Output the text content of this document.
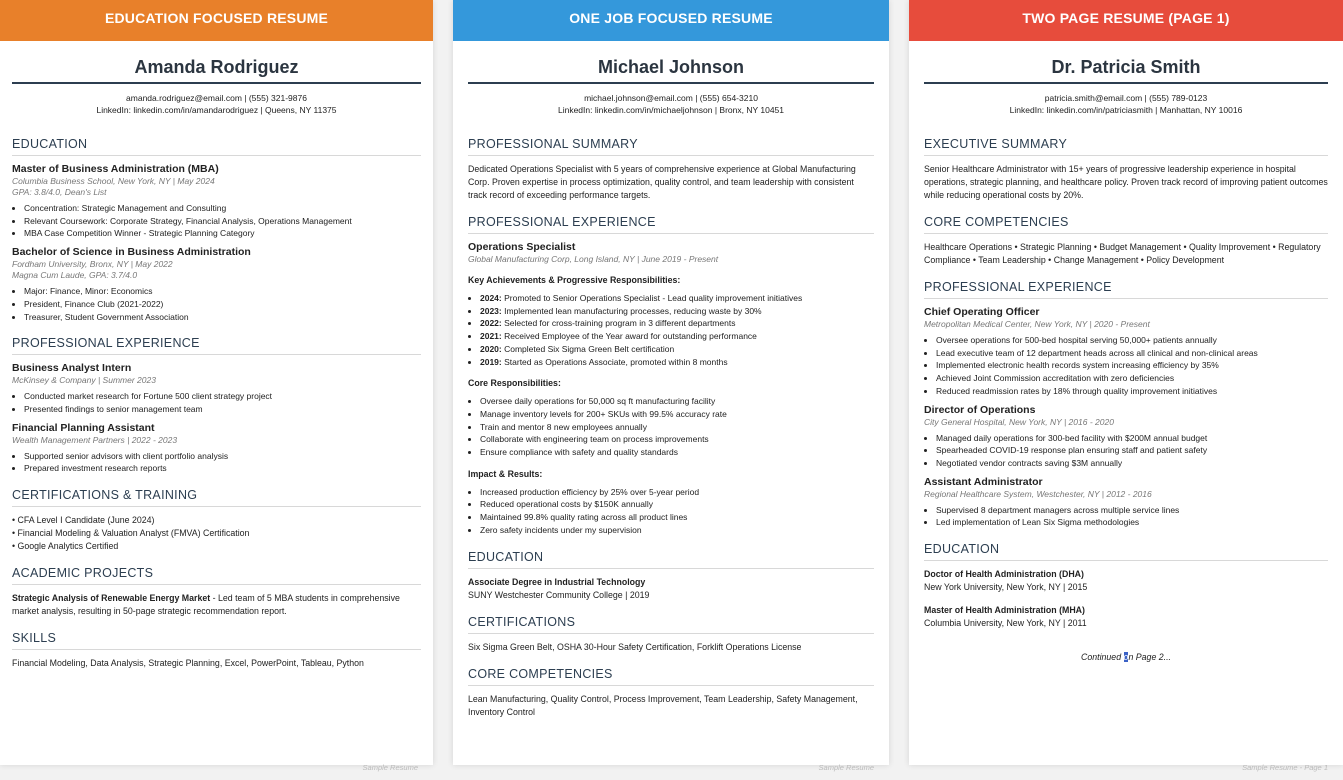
EDUCATION FOCUSED RESUME
Amanda Rodriguez
amanda.rodriguez@email.com | (555) 321-9876
LinkedIn: linkedin.com/in/amandarodriguez | Queens, NY 11375
EDUCATION
Master of Business Administration (MBA)
Columbia Business School, New York, NY | May 2024
GPA: 3.8/4.0, Dean's List
• Concentration: Strategic Management and Consulting
• Relevant Coursework: Corporate Strategy, Financial Analysis, Operations Management
• MBA Case Competition Winner - Strategic Planning Category
Bachelor of Science in Business Administration
Fordham University, Bronx, NY | May 2022
Magna Cum Laude, GPA: 3.7/4.0
• Major: Finance, Minor: Economics
• President, Finance Club (2021-2022)
• Treasurer, Student Government Association
PROFESSIONAL EXPERIENCE
Business Analyst Intern
McKinsey & Company | Summer 2023
• Conducted market research for Fortune 500 client strategy project
• Presented findings to senior management team
Financial Planning Assistant
Wealth Management Partners | 2022 - 2023
• Supported senior advisors with client portfolio analysis
• Prepared investment research reports
CERTIFICATIONS & TRAINING
• CFA Level I Candidate (June 2024)
• Financial Modeling & Valuation Analyst (FMVA) Certification
• Google Analytics Certified
ACADEMIC PROJECTS
Strategic Analysis of Renewable Energy Market - Led team of 5 MBA students in comprehensive market analysis, resulting in 50-page strategic recommendation report.
SKILLS
Financial Modeling, Data Analysis, Strategic Planning, Excel, PowerPoint, Tableau, Python
Sample Resume
ONE JOB FOCUSED RESUME
Michael Johnson
michael.johnson@email.com | (555) 654-3210
LinkedIn: linkedin.com/in/michaeljohnson | Bronx, NY 10451
PROFESSIONAL SUMMARY
Dedicated Operations Specialist with 5 years of comprehensive experience at Global Manufacturing Corp. Proven expertise in process optimization, quality control, and team leadership with consistent track record of exceeding performance targets.
PROFESSIONAL EXPERIENCE
Operations Specialist
Global Manufacturing Corp, Long Island, NY | June 2019 - Present
Key Achievements & Progressive Responsibilities:
• 2024: Promoted to Senior Operations Specialist - Lead quality improvement initiatives
• 2023: Implemented lean manufacturing processes, reducing waste by 30%
• 2022: Selected for cross-training program in 3 different departments
• 2021: Received Employee of the Year award for outstanding performance
• 2020: Completed Six Sigma Green Belt certification
• 2019: Started as Operations Associate, promoted within 8 months
Core Responsibilities:
• Oversee daily operations for 50,000 sq ft manufacturing facility
• Manage inventory levels for 200+ SKUs with 99.5% accuracy rate
• Train and mentor 8 new employees annually
• Collaborate with engineering team on process improvements
• Ensure compliance with safety and quality standards
Impact & Results:
• Increased production efficiency by 25% over 5-year period
• Reduced operational costs by $150K annually
• Maintained 99.8% quality rating across all product lines
• Zero safety incidents under my supervision
EDUCATION
Associate Degree in Industrial Technology
SUNY Westchester Community College | 2019
CERTIFICATIONS
Six Sigma Green Belt, OSHA 30-Hour Safety Certification, Forklift Operations License
CORE COMPETENCIES
Lean Manufacturing, Quality Control, Process Improvement, Team Leadership, Safety Management, Inventory Control
Sample Resume
TWO PAGE RESUME (PAGE 1)
Dr. Patricia Smith
patricia.smith@email.com | (555) 789-0123
LinkedIn: linkedin.com/in/patriciasmith | Manhattan, NY 10016
EXECUTIVE SUMMARY
Senior Healthcare Administrator with 15+ years of progressive leadership experience in hospital operations, strategic planning, and healthcare policy. Proven track record of improving patient outcomes while reducing operational costs by 20%.
CORE COMPETENCIES
Healthcare Operations • Strategic Planning • Budget Management • Quality Improvement • Regulatory Compliance • Team Leadership • Change Management • Policy Development
PROFESSIONAL EXPERIENCE
Chief Operating Officer
Metropolitan Medical Center, New York, NY | 2020 - Present
• Oversee operations for 500-bed hospital serving 50,000+ patients annually
• Lead executive team of 12 department heads across all clinical and non-clinical areas
• Implemented electronic health records system increasing efficiency by 35%
• Achieved Joint Commission accreditation with zero deficiencies
• Reduced readmission rates by 18% through quality improvement initiatives
Director of Operations
City General Hospital, New York, NY | 2016 - 2020
• Managed daily operations for 300-bed facility with $200M annual budget
• Spearheaded COVID-19 response plan ensuring staff and patient safety
• Negotiated vendor contracts saving $3M annually
Assistant Administrator
Regional Healthcare System, Westchester, NY | 2012 - 2016
• Supervised 8 department managers across multiple service lines
• Led implementation of Lean Six Sigma methodologies
EDUCATION
Doctor of Health Administration (DHA)
New York University, New York, NY | 2015
Master of Health Administration (MHA)
Columbia University, New York, NY | 2011
Continued on Page 2...
Sample Resume - Page 1
